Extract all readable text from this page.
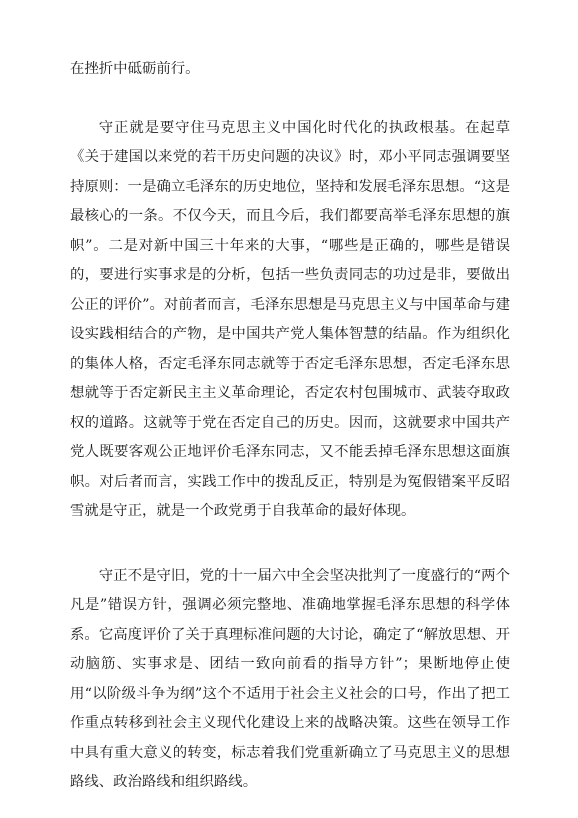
在挫折中砥砺前行。

守正就是要守住马克思主义中国化时代化的执政根基。在起草《关于建国以来党的若干历史问题的决议》时，邓小平同志强调要坚持原则：一是确立毛泽东的历史地位，坚持和发展毛泽东思想。“这是最核心的一条。不仅今天，而且今后，我们都要高举毛泽东思想的旗帜”。二是对新中国三十年来的大事，“哪些是正确的，哪些是错误的，要进行实事求是的分析，包括一些负责同志的功过是非，要做出公正的评价”。对前者而言，毛泽东思想是马克思主义与中国革命与建设实践相结合的产物，是中国共产党人集体智慧的结晶。作为组织化的集体人格，否定毛泽东同志就等于否定毛泽东思想，否定毛泽东思想就等于否定新民主主义革命理论，否定农村包围城市、武装夺取政权的道路。这就等于党在否定自己的历史。因而，这就要求中国共产党人既要客观公正地评价毛泽东同志，又不能丢掉毛泽东思想这面旗帜。对后者而言，实践工作中的拨乱反正，特别是为冤假错案平反昭雪就是守正，就是一个政党勇于自我革命的最好体现。

守正不是守旧，党的十一届六中全会坚决批判了一度盛行的“两个凡是”错误方针，强调必须完整地、准确地掌握毛泽东思想的科学体系。它高度评价了关于真理标准问题的大讨论，确定了“解放思想、开动脑筋、实事求是、团结一致向前看的指导方针”；果断地停止使用“以阶级斗争为纲”这个不适用于社会主义社会的口号，作出了把工作重点转移到社会主义现代化建设上来的战略决策。这些在领导工作中具有重大意义的转变，标志着我们党重新确立了马克思主义的思想路线、政治路线和组织路线。
